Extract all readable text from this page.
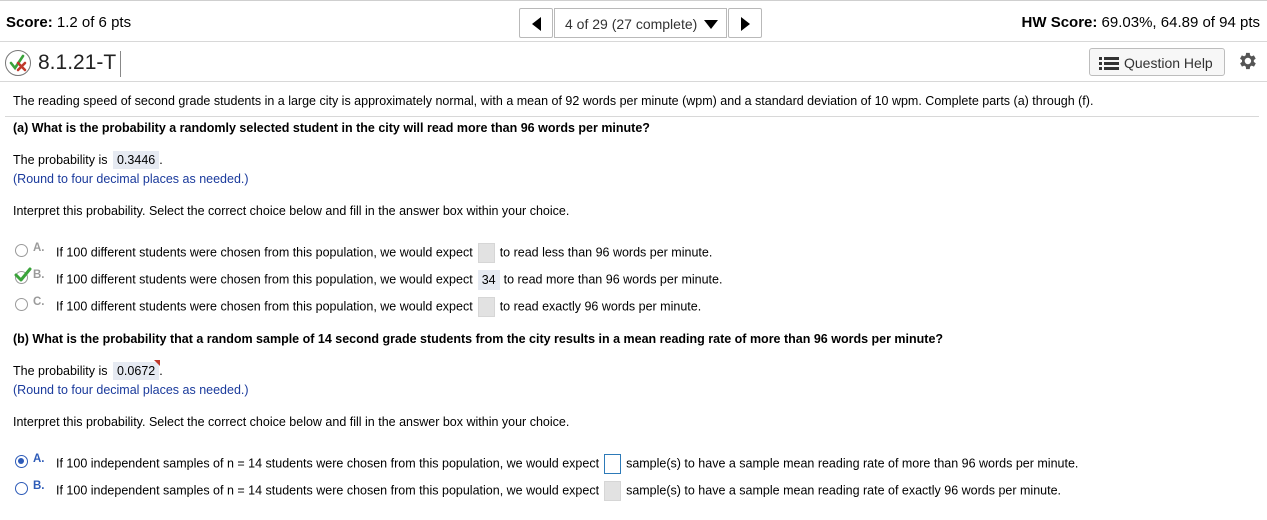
Score: 1.2 of 6 pts	4 of 29 (27 complete)	HW Score: 69.03%, 64.89 of 94 pts
8.1.21-T	Question Help
The reading speed of second grade students in a large city is approximately normal, with a mean of 92 words per minute (wpm) and a standard deviation of 10 wpm. Complete parts (a) through (f).
(a) What is the probability a randomly selected student in the city will read more than 96 words per minute?
The probability is 0.3446 .
(Round to four decimal places as needed.)
Interpret this probability. Select the correct choice below and fill in the answer box within your choice.
A. If 100 different students were chosen from this population, we would expect to read less than 96 words per minute.
B. If 100 different students were chosen from this population, we would expect 34 to read more than 96 words per minute.
C. If 100 different students were chosen from this population, we would expect to read exactly 96 words per minute.
(b) What is the probability that a random sample of 14 second grade students from the city results in a mean reading rate of more than 96 words per minute?
The probability is 0.0672 .
(Round to four decimal places as needed.)
Interpret this probability. Select the correct choice below and fill in the answer box within your choice.
A. If 100 independent samples of n = 14 students were chosen from this population, we would expect sample(s) to have a sample mean reading rate of more than 96 words per minute.
B. If 100 independent samples of n = 14 students were chosen from this population, we would expect sample(s) to have a sample mean reading rate of exactly 96 words per minute.
